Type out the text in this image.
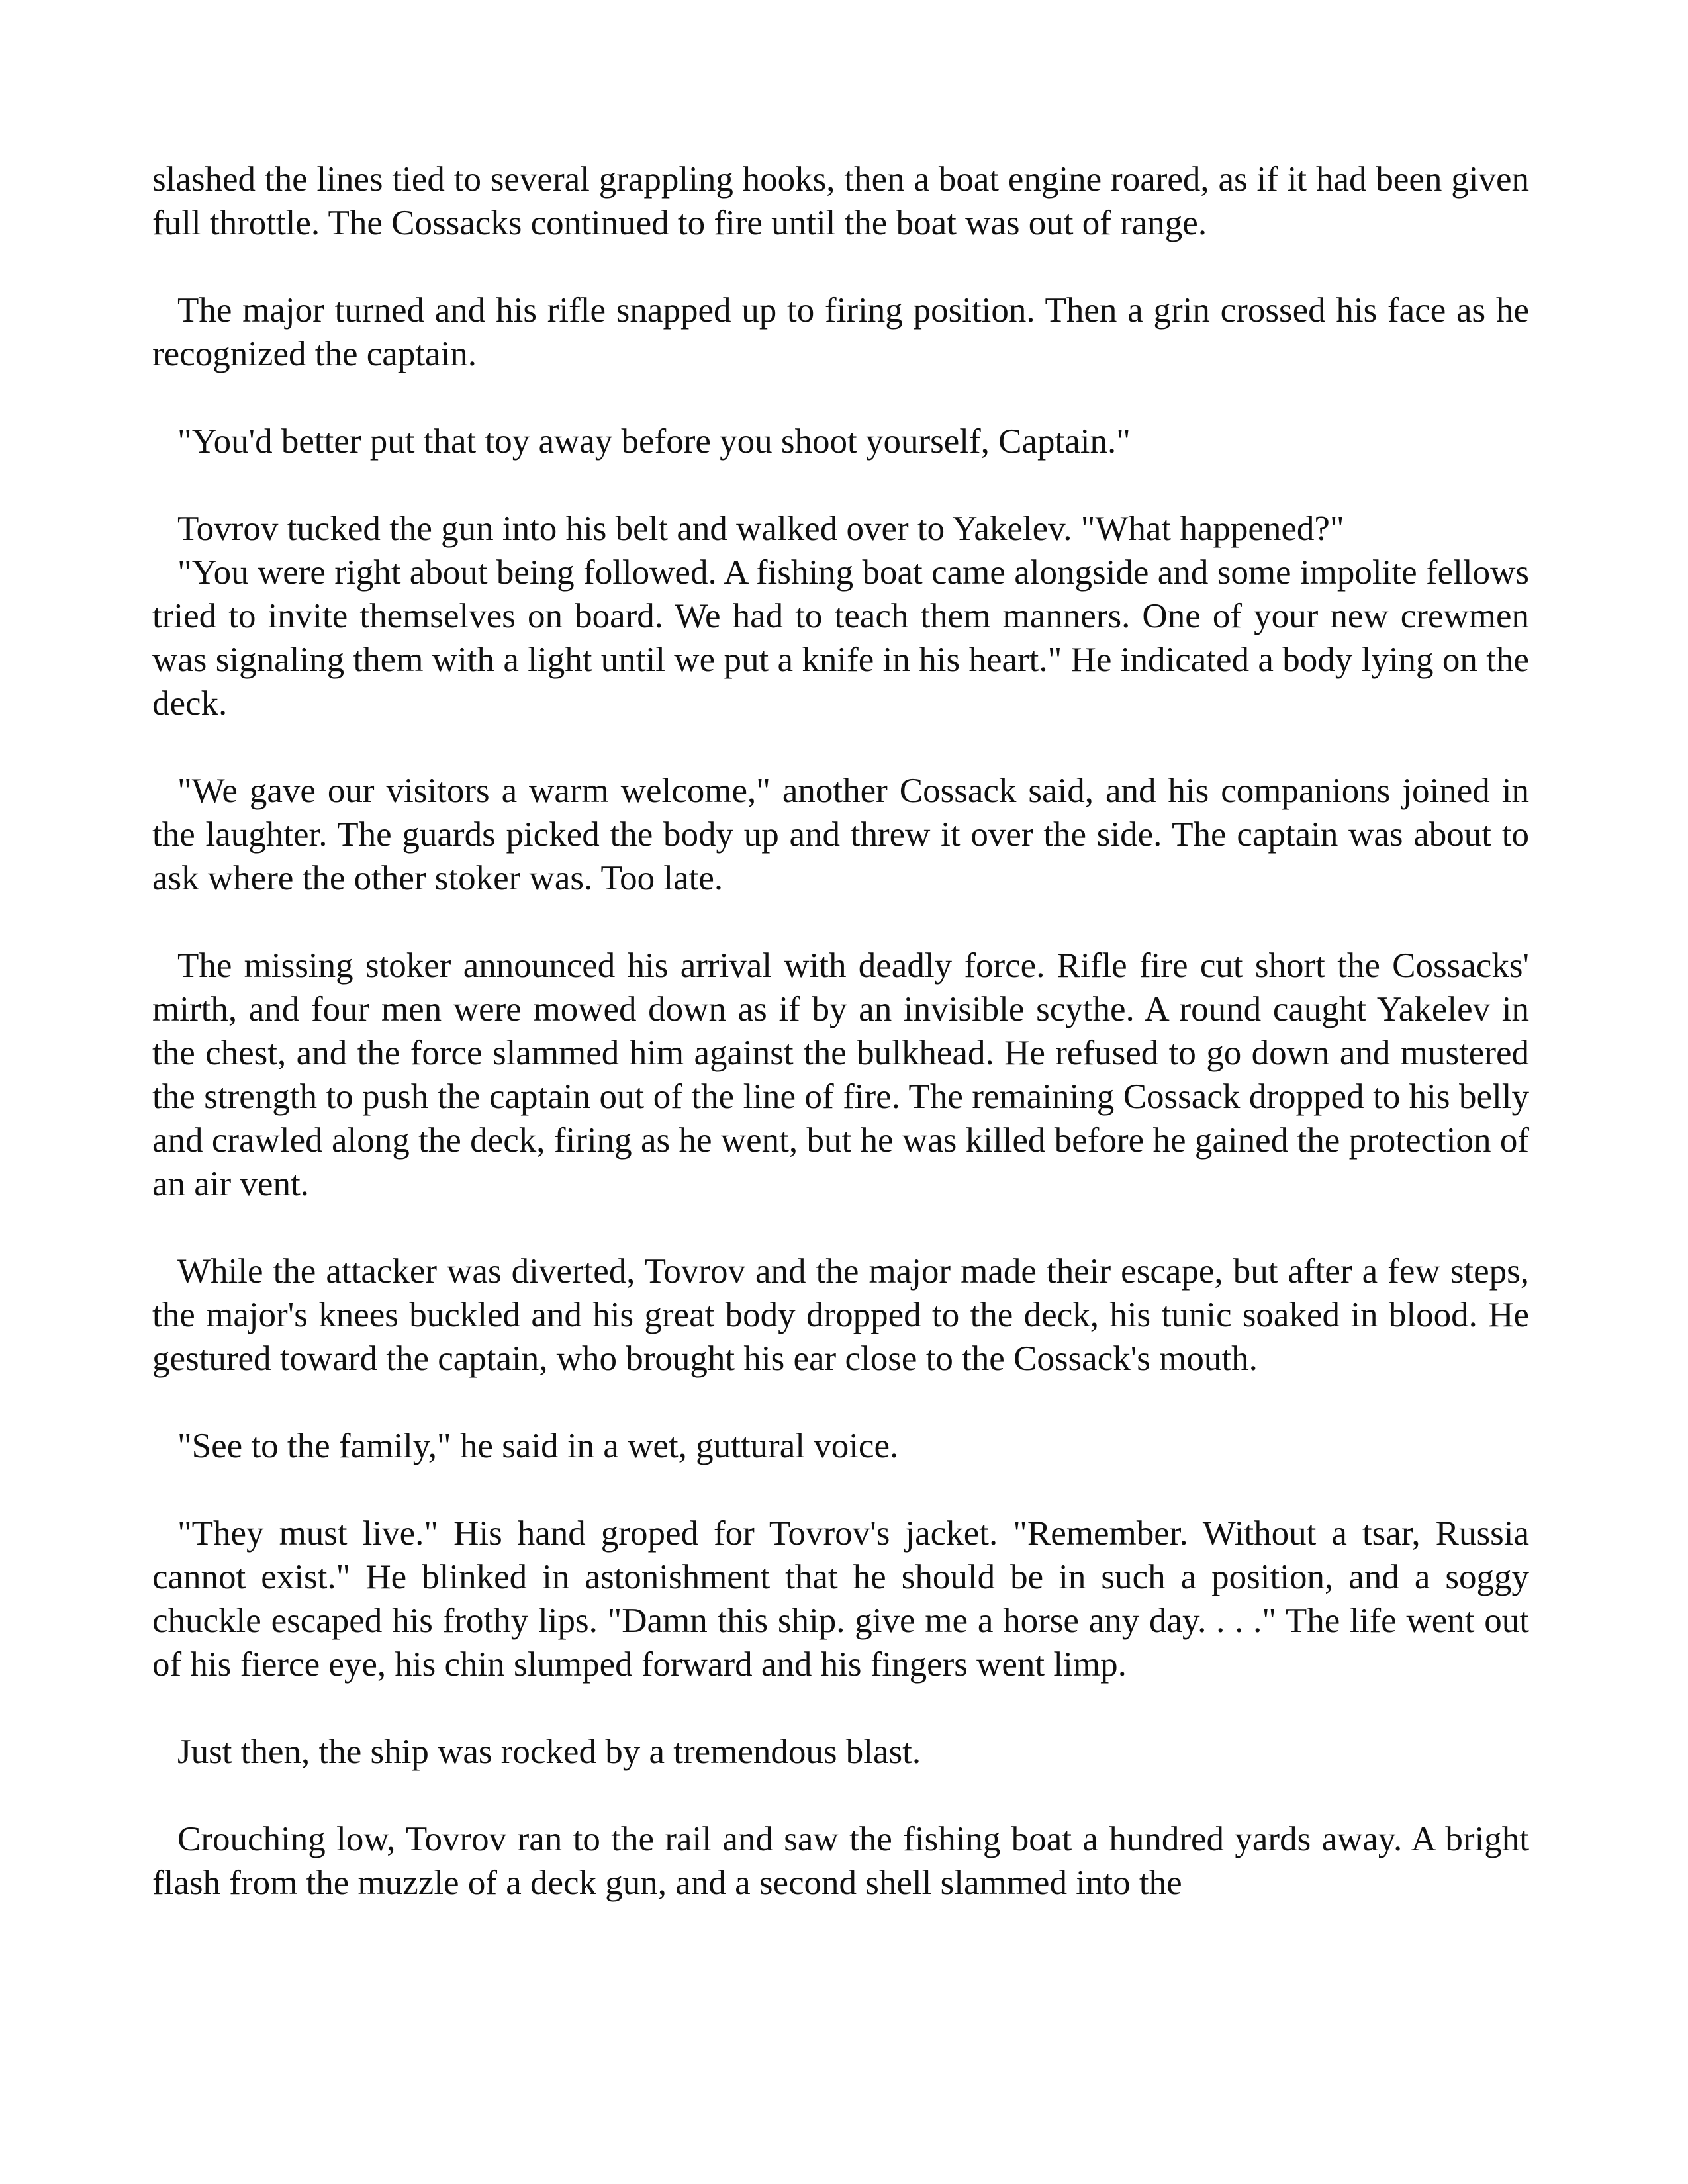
slashed the lines tied to several grappling hooks, then a boat engine roared, as if it had been given full throttle. The Cossacks continued to fire until the boat was out of range.

The major turned and his rifle snapped up to firing position. Then a grin crossed his face as he recognized the captain.

"You'd better put that toy away before you shoot yourself, Captain."

Tovrov tucked the gun into his belt and walked over to Yakelev. "What happened?"

"You were right about being followed. A fishing boat came alongside and some impolite fellows tried to invite themselves on board. We had to teach them manners. One of your new crewmen was signaling them with a light until we put a knife in his heart." He indicated a body lying on the deck.

"We gave our visitors a warm welcome," another Cossack said, and his companions joined in the laughter. The guards picked the body up and threw it over the side. The captain was about to ask where the other stoker was. Too late.

The missing stoker announced his arrival with deadly force. Rifle fire cut short the Cossacks' mirth, and four men were mowed down as if by an invisible scythe. A round caught Yakelev in the chest, and the force slammed him against the bulkhead. He refused to go down and mustered the strength to push the captain out of the line of fire. The remaining Cossack dropped to his belly and crawled along the deck, firing as he went, but he was killed before he gained the protection of an air vent.

While the attacker was diverted, Tovrov and the major made their escape, but after a few steps, the major's knees buckled and his great body dropped to the deck, his tunic soaked in blood. He gestured toward the captain, who brought his ear close to the Cossack's mouth.

"See to the family," he said in a wet, guttural voice.

"They must live." His hand groped for Tovrov's jacket. "Remember. Without a tsar, Russia cannot exist." He blinked in astonishment that he should be in such a position, and a soggy chuckle escaped his frothy lips. "Damn this ship. give me a horse any day. . . ." The life went out of his fierce eye, his chin slumped forward and his fingers went limp.

Just then, the ship was rocked by a tremendous blast.

Crouching low, Tovrov ran to the rail and saw the fishing boat a hundred yards away. A bright flash from the muzzle of a deck gun, and a second shell slammed into the
